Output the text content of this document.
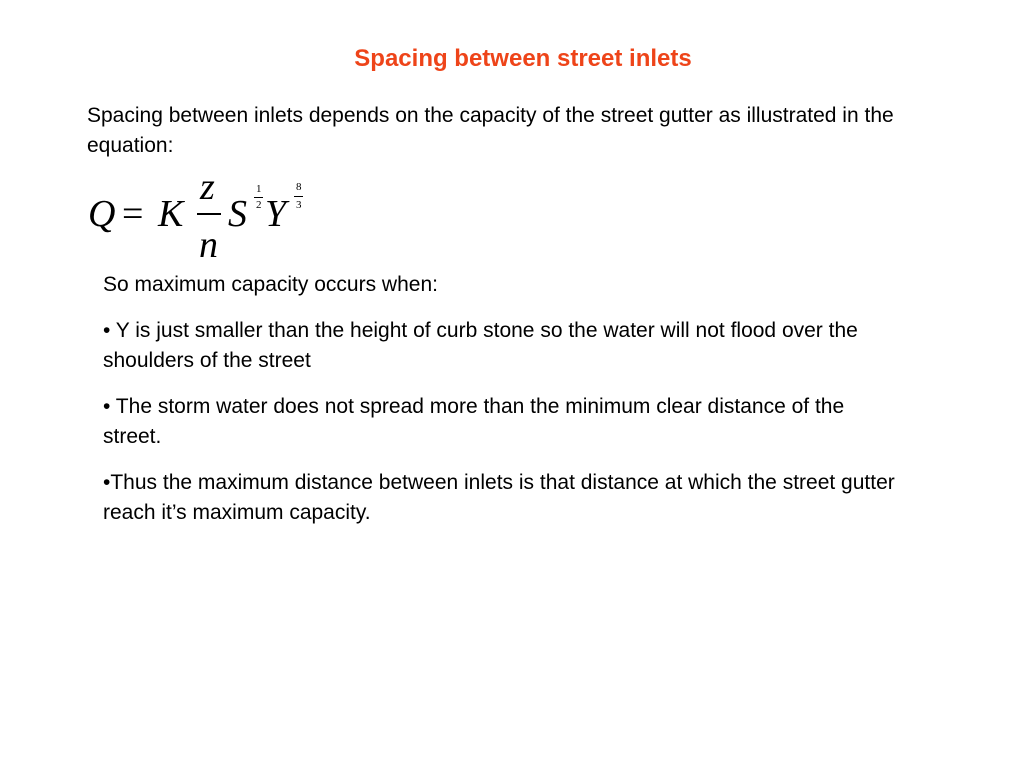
Spacing between street inlets
Spacing between inlets depends on the capacity of the street gutter as illustrated in the equation:
Q = K
z
n
S
1
2 Y
8
3

So maximum capacity occurs when:

• Y is just smaller than the height of curb stone so the water will not flood over the shoulders of the street

• The storm water does not spread more than the minimum clear distance of the street.

•Thus the maximum distance between inlets is that distance at which the street gutter reach it’s maximum capacity.
